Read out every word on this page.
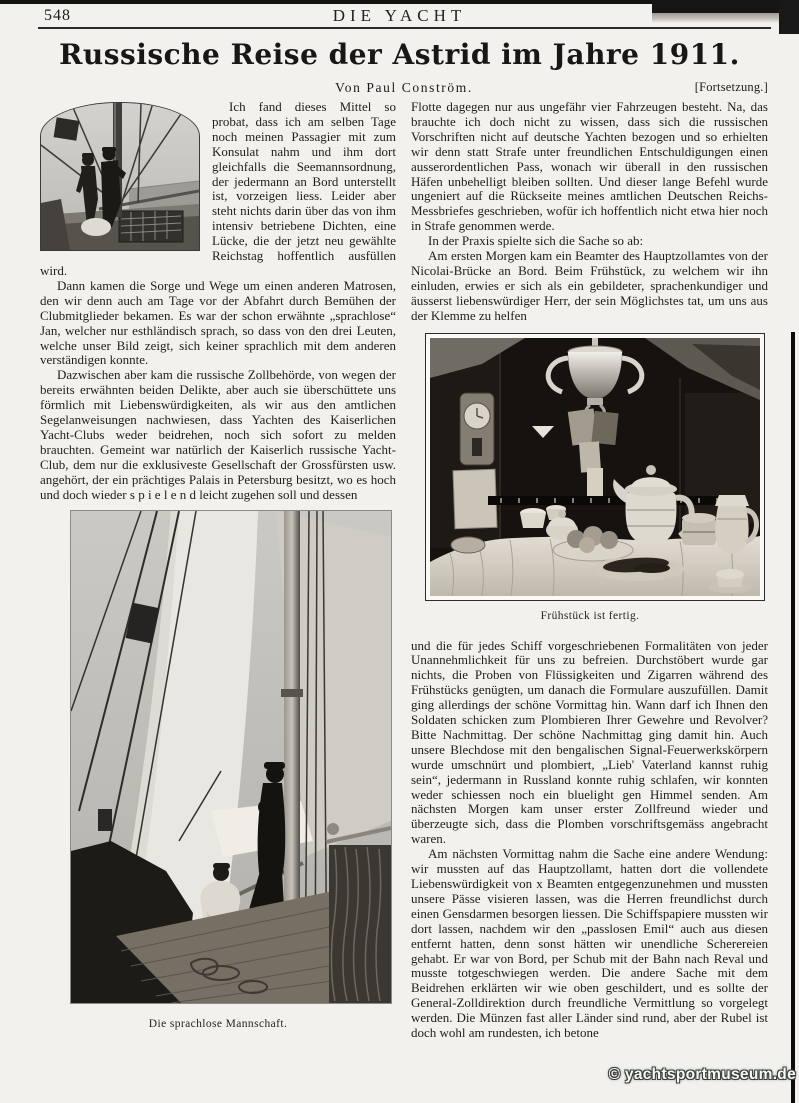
548	DIE YACHT
Russische Reise der Astrid im Jahre 1911.
Von Paul Conström.	[Fortsetzung.]

Ich fand dieses Mittel so probat, dass ich am selben Tage noch meinen Passagier mit zum Konsulat nahm und ihm dort gleichfalls die Seemannsordnung, der jedermann an Bord unterstellt ist, vorzeigen liess. Leider aber steht nichts darin über das von ihm intensiv betriebene Dichten, eine Lücke, die der jetzt neu gewählte Reichstag hoffentlich ausfüllen wird.

Dann kamen die Sorge und Wege um einen anderen Matrosen, den wir denn auch am Tage vor der Abfahrt durch Bemühen der Clubmitglieder bekamen. Es war der schon erwähnte „sprachlose“ Jan, welcher nur esthländisch sprach, so dass von den drei Leuten, welche unser Bild zeigt, sich keiner sprachlich mit dem anderen verständigen konnte.

Dazwischen aber kam die russische Zollbehörde, von wegen der bereits erwähnten beiden Delikte, aber auch sie überschüttete uns förmlich mit Liebenswürdigkeiten, als wir aus den amtlichen Segelanweisungen nachwiesen, dass Yachten des Kaiserlichen Yacht-Clubs weder beidrehen, noch sich sofort zu melden brauchten. Gemeint war natürlich der Kaiserlich russische Yacht-Club, dem nur die exklusiveste Gesellschaft der Grossfürsten usw. angehört, der ein prächtiges Palais in Petersburg besitzt, wo es hoch und doch wieder s p i e l e n d leicht zugehen soll und dessen

Die sprachlose Mannschaft.

Flotte dagegen nur aus ungefähr vier Fahrzeugen besteht. Na, das brauchte ich doch nicht zu wissen, dass sich die russischen Vorschriften nicht auf deutsche Yachten bezogen und so erhielten wir denn statt Strafe unter freundlichen Entschuldigungen einen ausserordentlichen Pass, wonach wir überall in den russischen Häfen unbehelligt bleiben sollten. Und dieser lange Befehl wurde ungeniert auf die Rückseite meines amtlichen Deutschen Reichs-Messbriefes geschrieben, wofür ich hoffentlich nicht etwa hier noch in Strafe genommen werde.

In der Praxis spielte sich die Sache so ab:

Am ersten Morgen kam ein Beamter des Hauptzollamtes von der Nicolai-Brücke an Bord. Beim Frühstück, zu welchem wir ihn einluden, erwies er sich als ein gebildeter, sprachenkundiger und äusserst liebenswürdiger Herr, der sein Möglichstes tat, um uns aus der Klemme zu helfen

Frühstück ist fertig.

und die für jedes Schiff vorgeschriebenen Formalitäten von jeder Unannehmlichkeit für uns zu befreien. Durchstöbert wurde gar nichts, die Proben von Flüssigkeiten und Zigarren während des Frühstücks genügten, um danach die Formulare auszufüllen. Damit ging allerdings der schöne Vormittag hin. Wann darf ich Ihnen den Soldaten schicken zum Plombieren Ihrer Gewehre und Revolver? Bitte Nachmittag. Der schöne Nachmittag ging damit hin. Auch unsere Blechdose mit den bengalischen Signal-Feuerwerkskörpern wurde umschnürt und plombiert, „Lieb' Vaterland kannst ruhig sein“, jedermann in Russland konnte ruhig schlafen, wir konnten weder schiessen noch ein bluelight gen Himmel senden. Am nächsten Morgen kam unser erster Zollfreund wieder und überzeugte sich, dass die Plomben vorschriftsgemäss angebracht waren.

Am nächsten Vormittag nahm die Sache eine andere Wendung: wir mussten auf das Hauptzollamt, hatten dort die vollendete Liebenswürdigkeit von x Beamten entgegenzunehmen und mussten unsere Pässe visieren lassen, was die Herren freundlichst durch einen Gensdarmen besorgen liessen. Die Schiffspapiere mussten wir dort lassen, nachdem wir den „passlosen Emil“ auch aus diesen entfernt hatten, denn sonst hätten wir unendliche Scherereien gehabt. Er war von Bord, per Schub mit der Bahn nach Reval und musste totgeschwiegen werden. Die andere Sache mit dem Beidrehen erklärten wir wie oben geschildert, und es sollte der General-Zolldirektion durch freundliche Vermittlung so vorgelegt werden. Die Münzen fast aller Länder sind rund, aber der Rubel ist doch wohl am rundesten, ich betone

© yachtsportmuseum.de
